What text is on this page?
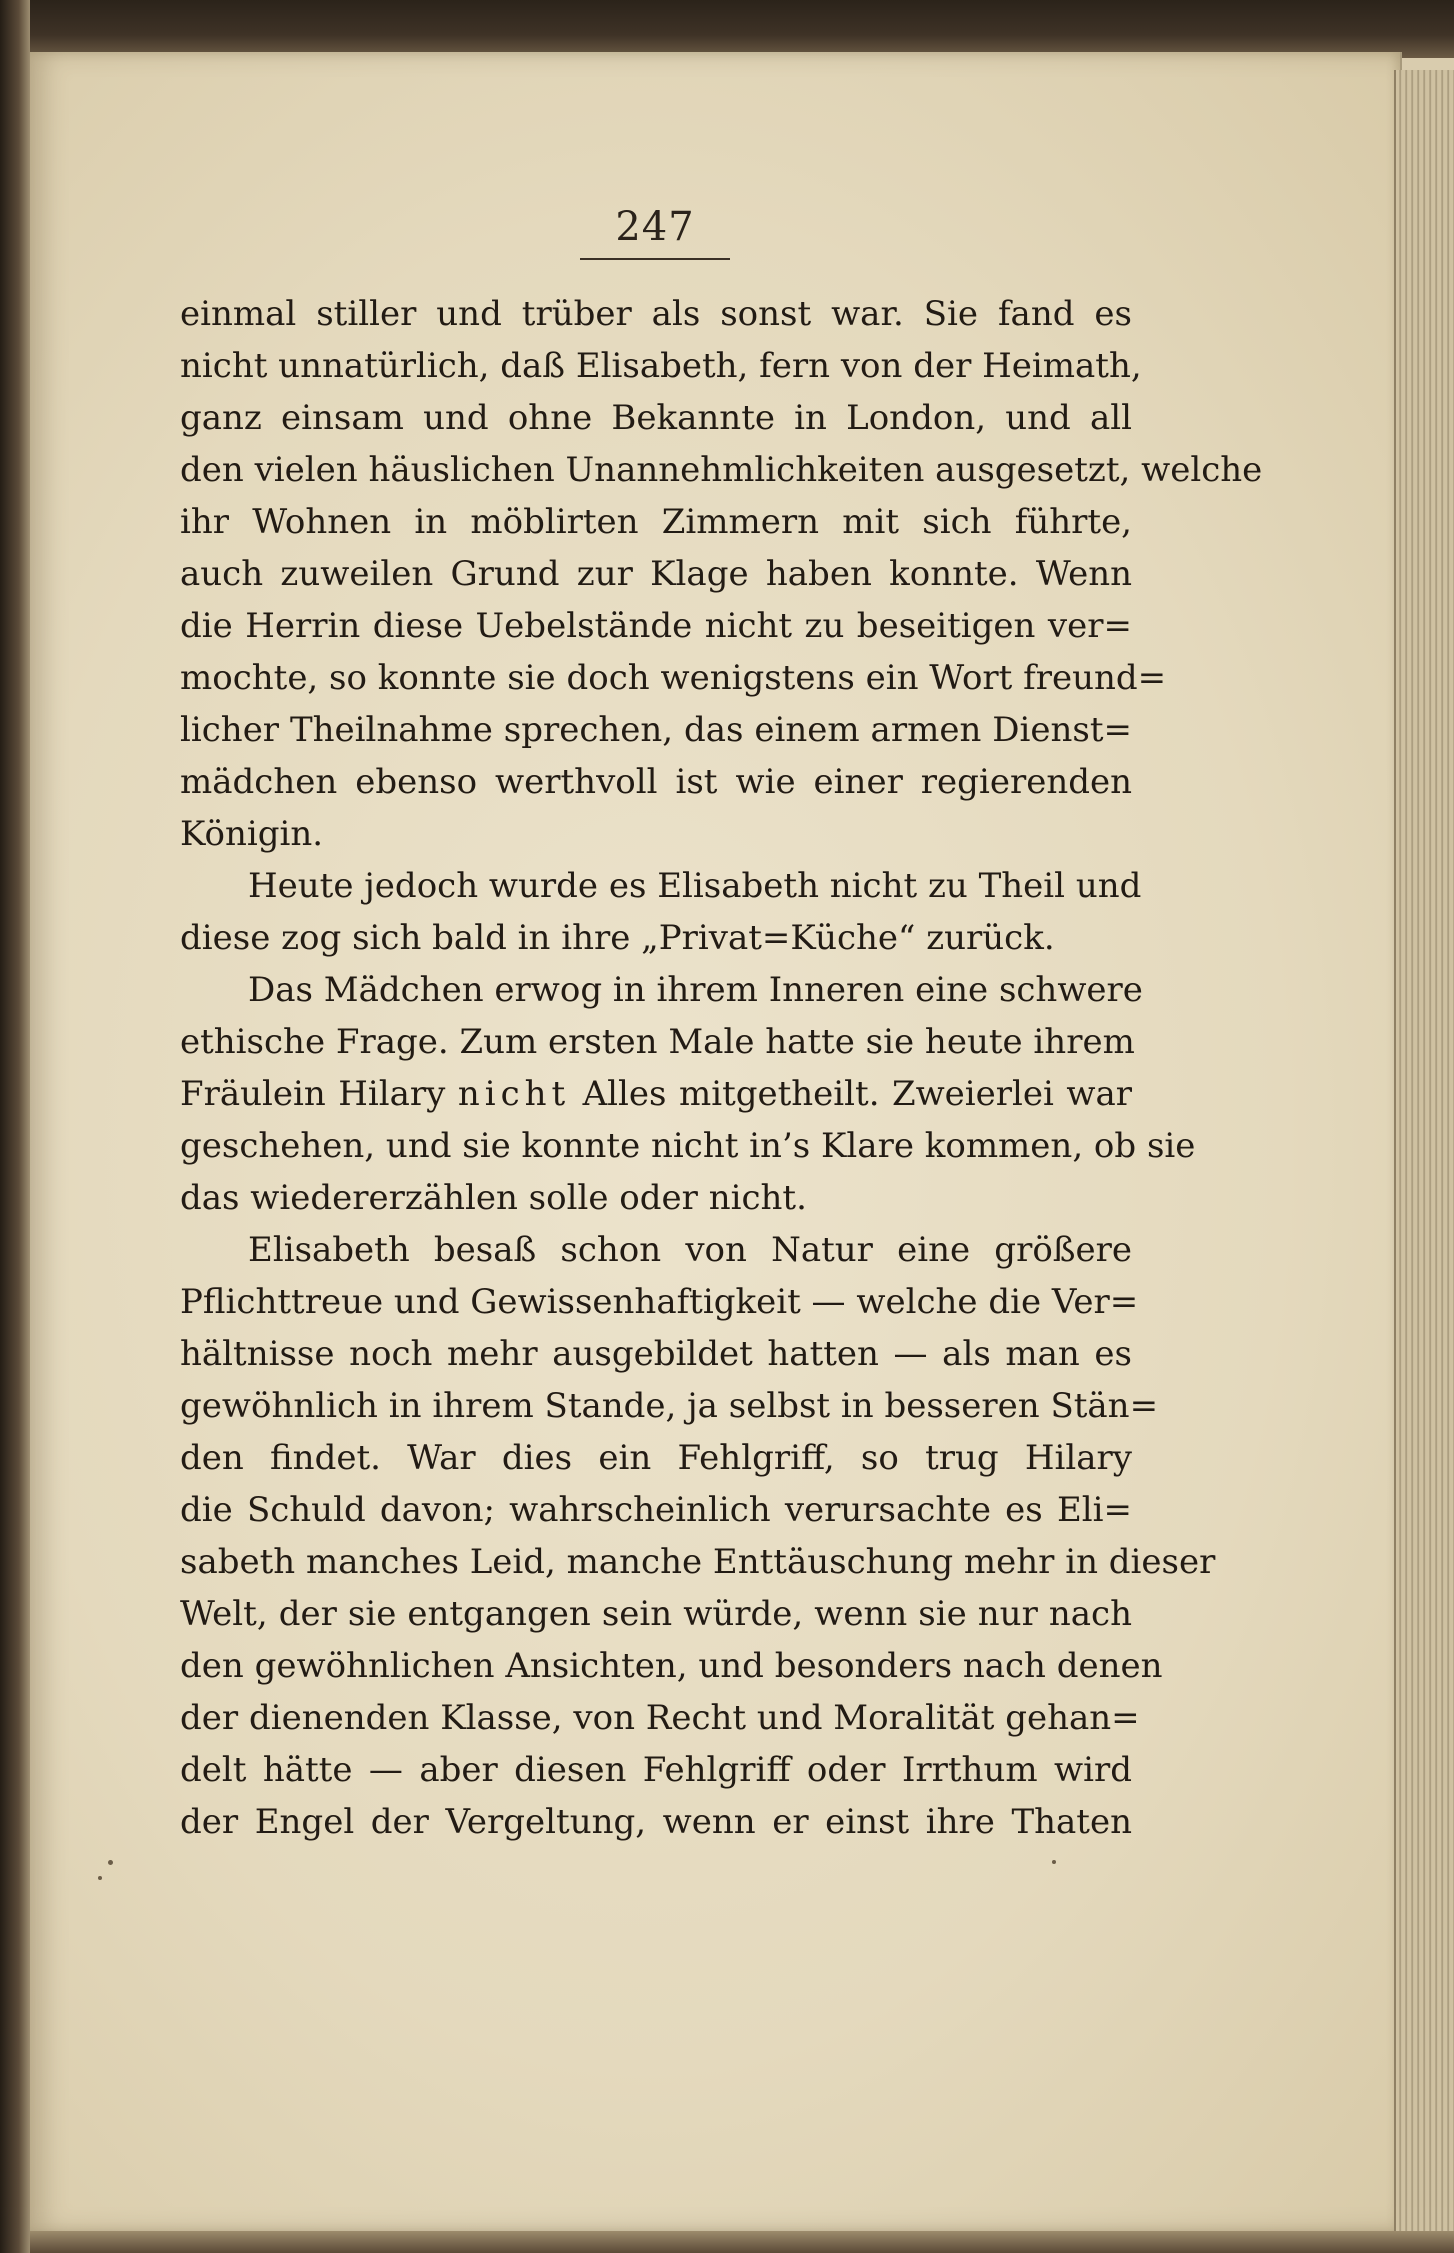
247
einmal stiller und trüber als sonst war. Sie fand es
nicht unnatürlich, daß Elisabeth, fern von der Heimath,
ganz einsam und ohne Bekannte in London, und all
den vielen häuslichen Unannehmlichkeiten ausgesetzt, welche
ihr Wohnen in möblirten Zimmern mit sich führte,
auch zuweilen Grund zur Klage haben konnte. Wenn
die Herrin diese Uebelstände nicht zu beseitigen ver=
mochte, so konnte sie doch wenigstens ein Wort freund=
licher Theilnahme sprechen, das einem armen Dienst=
mädchen ebenso werthvoll ist wie einer regierenden
Königin.
Heute jedoch wurde es Elisabeth nicht zu Theil und
diese zog sich bald in ihre „Privat=Küche“ zurück.
Das Mädchen erwog in ihrem Inneren eine schwere
ethische Frage. Zum ersten Male hatte sie heute ihrem
Fräulein Hilary nicht Alles mitgetheilt. Zweierlei war
geschehen, und sie konnte nicht in’s Klare kommen, ob sie
das wiedererzählen solle oder nicht.
Elisabeth besaß schon von Natur eine größere
Pflichttreue und Gewissenhaftigkeit — welche die Ver=
hältnisse noch mehr ausgebildet hatten — als man es
gewöhnlich in ihrem Stande, ja selbst in besseren Stän=
den findet. War dies ein Fehlgriff, so trug Hilary
die Schuld davon; wahrscheinlich verursachte es Eli=
sabeth manches Leid, manche Enttäuschung mehr in dieser
Welt, der sie entgangen sein würde, wenn sie nur nach
den gewöhnlichen Ansichten, und besonders nach denen
der dienenden Klasse, von Recht und Moralität gehan=
delt hätte — aber diesen Fehlgriff oder Irrthum wird
der Engel der Vergeltung, wenn er einst ihre Thaten
